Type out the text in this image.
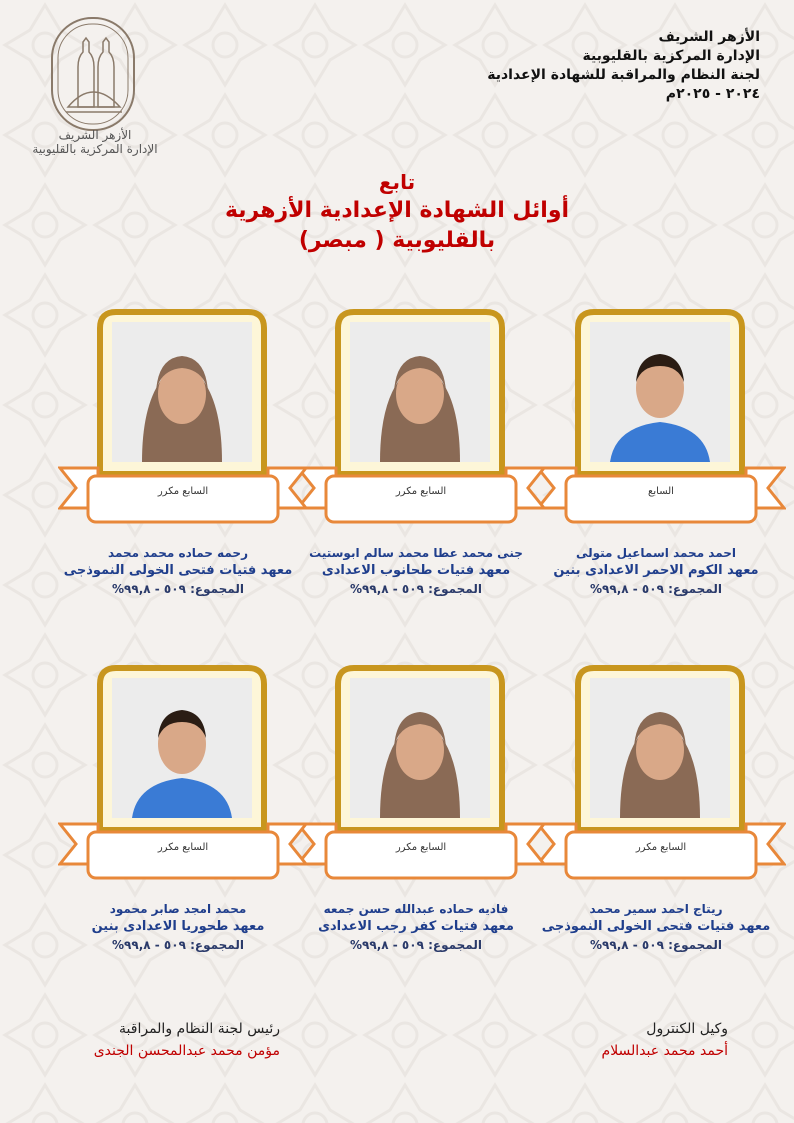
الأزهر الشريف
الإدارة المركزية بالقليوبية
الأزهر الشريف
الإدارة المركزية بالقليوبية
لجنة النظام والمراقبة للشهادة الإعدادية
٢٠٢٤ - ٢٠٢٥م
تابع
أوائل الشهادة الإعدادية الأزهرية
بالقليوبية ( مبصر)
السابع
احمد محمد اسماعيل متولى
معهد الكوم الاحمر الاعدادى بنين
المجموع: ٥٠٩ - ٩٩,٨%
السابع مكرر
جنى محمد عطا محمد سالم ابوستيت
معهد فتيات طحانوب الاعدادى
المجموع: ٥٠٩ - ٩٩,٨%
السابع مكرر
رحمه حماده محمد محمد
معهد فتيات فتحى الخولى النموذجى
المجموع: ٥٠٩ - ٩٩,٨%
السابع مكرر
ريتاج احمد سمير محمد
معهد فتيات فتحى الخولى النموذجى
المجموع: ٥٠٩ - ٩٩,٨%
السابع مكرر
فاديه حماده عبدالله حسن جمعه
معهد فتيات كفر رجب الاعدادى
المجموع: ٥٠٩ - ٩٩,٨%
السابع مكرر
محمد امجد صابر محمود
معهد طحوريا الاعدادى بنين
المجموع: ٥٠٩ - ٩٩,٨%
وكيل الكنترول
أحمد محمد عبدالسلام
رئيس لجنة النظام والمراقبة
مؤمن محمد عبدالمحسن الجندى
